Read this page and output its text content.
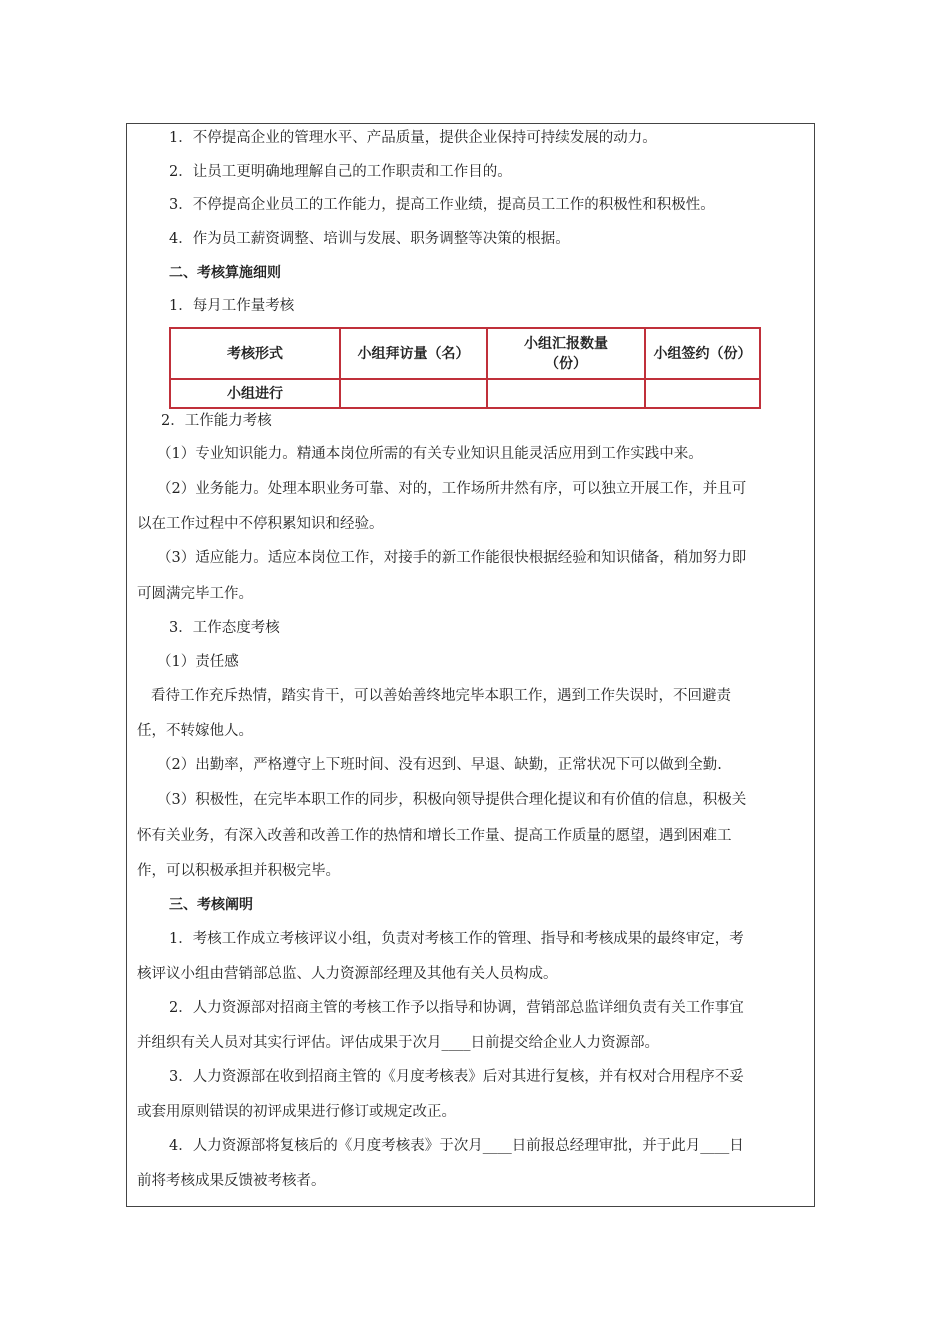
1．不停提高企业的管理水平、产品质量，提供企业保持可持续发展的动力。
2．让员工更明确地理解自己的工作职责和工作目的。
3．不停提高企业员工的工作能力，提高工作业绩，提高员工工作的积极性和积极性。
4．作为员工薪资调整、培训与发展、职务调整等决策的根据。
二、考核算施细则
1．每月工作量考核
考核形式	小组拜访量（名）	小组汇报数量（份）	小组签约（份）
小组进行			
2．工作能力考核
（1）专业知识能力。精通本岗位所需的有关专业知识且能灵活应用到工作实践中来。
（2）业务能力。处理本职业务可靠、对的，工作场所井然有序，可以独立开展工作，并且可
以在工作过程中不停积累知识和经验。
（3）适应能力。适应本岗位工作，对接手的新工作能很快根据经验和知识储备，稍加努力即
可圆满完毕工作。
3．工作态度考核
（1）责任感
看待工作充斥热情，踏实肯干，可以善始善终地完毕本职工作，遇到工作失误时，不回避责
任，不转嫁他人。
（2）出勤率，严格遵守上下班时间、没有迟到、早退、缺勤，正常状况下可以做到全勤.
（3）积极性，在完毕本职工作的同步，积极向领导提供合理化提议和有价值的信息，积极关
怀有关业务，有深入改善和改善工作的热情和增长工作量、提高工作质量的愿望，遇到困难工
作，可以积极承担并积极完毕。
三、考核阐明
1．考核工作成立考核评议小组，负责对考核工作的管理、指导和考核成果的最终审定，考
核评议小组由营销部总监、人力资源部经理及其他有关人员构成。
2．人力资源部对招商主管的考核工作予以指导和协调，营销部总监详细负责有关工作事宜
并组织有关人员对其实行评估。评估成果于次月____日前提交给企业人力资源部。
3．人力资源部在收到招商主管的《月度考核表》后对其进行复核，并有权对合用程序不妥
或套用原则错误的初评成果进行修订或规定改正。
4．人力资源部将复核后的《月度考核表》于次月____日前报总经理审批，并于此月____日
前将考核成果反馈被考核者。
